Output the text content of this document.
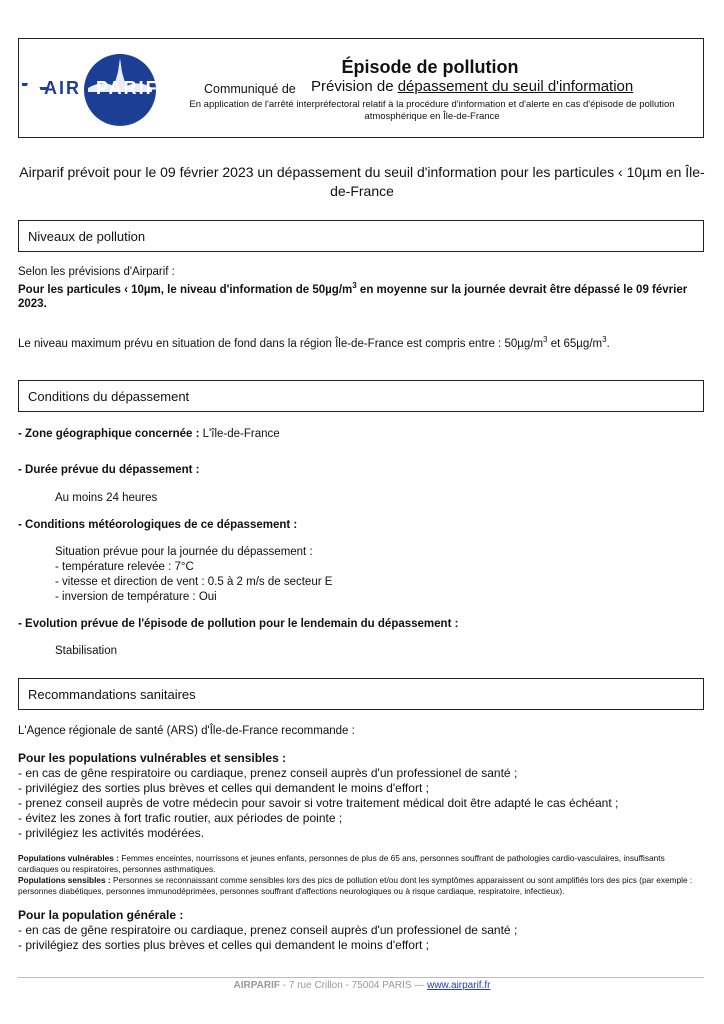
AIR PARIF
Épisode de pollution
Communiqué de Prévision de dépassement du seuil d'information
En application de l'arrêté interpréfectoral relatif à la procédure d'information et d'alerte en cas d'épisode de pollution atmosphérique en Île-de-France
Airparif prévoit pour le 09 février 2023 un dépassement du seuil d'information pour les particules ‹ 10µm en Île-de-France
Niveaux de pollution
Selon les prévisions d'Airparif :
Pour les particules ‹ 10µm, le niveau d'information de $50\mu g/m^3$ en moyenne sur la journée devrait être dépassé le 09 février 2023.
Le niveau maximum prévu en situation de fond dans la région Île-de-France est compris entre : $50\mu g/m^3$ et $65\mu g/m^3$.
Conditions du dépassement
- Zone géographique concernée : L'île-de-France
- Durée prévue du dépassement :
Au moins 24 heures
- Conditions météorologiques de ce dépassement :
Situation prévue pour la journée du dépassement :
- température relevée : 7°C
- vitesse et direction de vent : 0.5 à 2 m/s de secteur E
- inversion de température : Oui
- Evolution prévue de l'épisode de pollution pour le lendemain du dépassement :
Stabilisation
Recommandations sanitaires
L'Agence régionale de santé (ARS) d'Île-de-France recommande :
Pour les populations vulnérables et sensibles :
- en cas de gêne respiratoire ou cardiaque, prenez conseil auprès d'un professionel de santé ;
- privilégiez des sorties plus brèves et celles qui demandent le moins d'effort ;
- prenez conseil auprès de votre médecin pour savoir si votre traitement médical doit être adapté le cas échéant ;
- évitez les zones à fort trafic routier, aux périodes de pointe ;
- privilégiez les activités modérées.
Populations vulnérables : Femmes enceintes, nourrissons et jeunes enfants, personnes de plus de 65 ans, personnes souffrant de pathologies cardio-vasculaires, insuffisants cardiaques ou respiratoires, personnes asthmatiques.
Populations sensibles : Personnes se reconnaissant comme sensibles lors des pics de pollution et/ou dont les symptômes apparaissent ou sont amplifiés lors des pics (par exemple : personnes diabétiques, personnes immunodéprimées, personnes souffrant d'affections neurologiques ou à risque cardiaque, respiratoire, infectieux).
Pour la population générale :
- en cas de gêne respiratoire ou cardiaque, prenez conseil auprès d'un professionel de santé ;
- privilégiez des sorties plus brèves et celles qui demandent le moins d'effort ;
AIRPARIF - 7 rue Crillon - 75004 PARIS — www.airparif.fr
